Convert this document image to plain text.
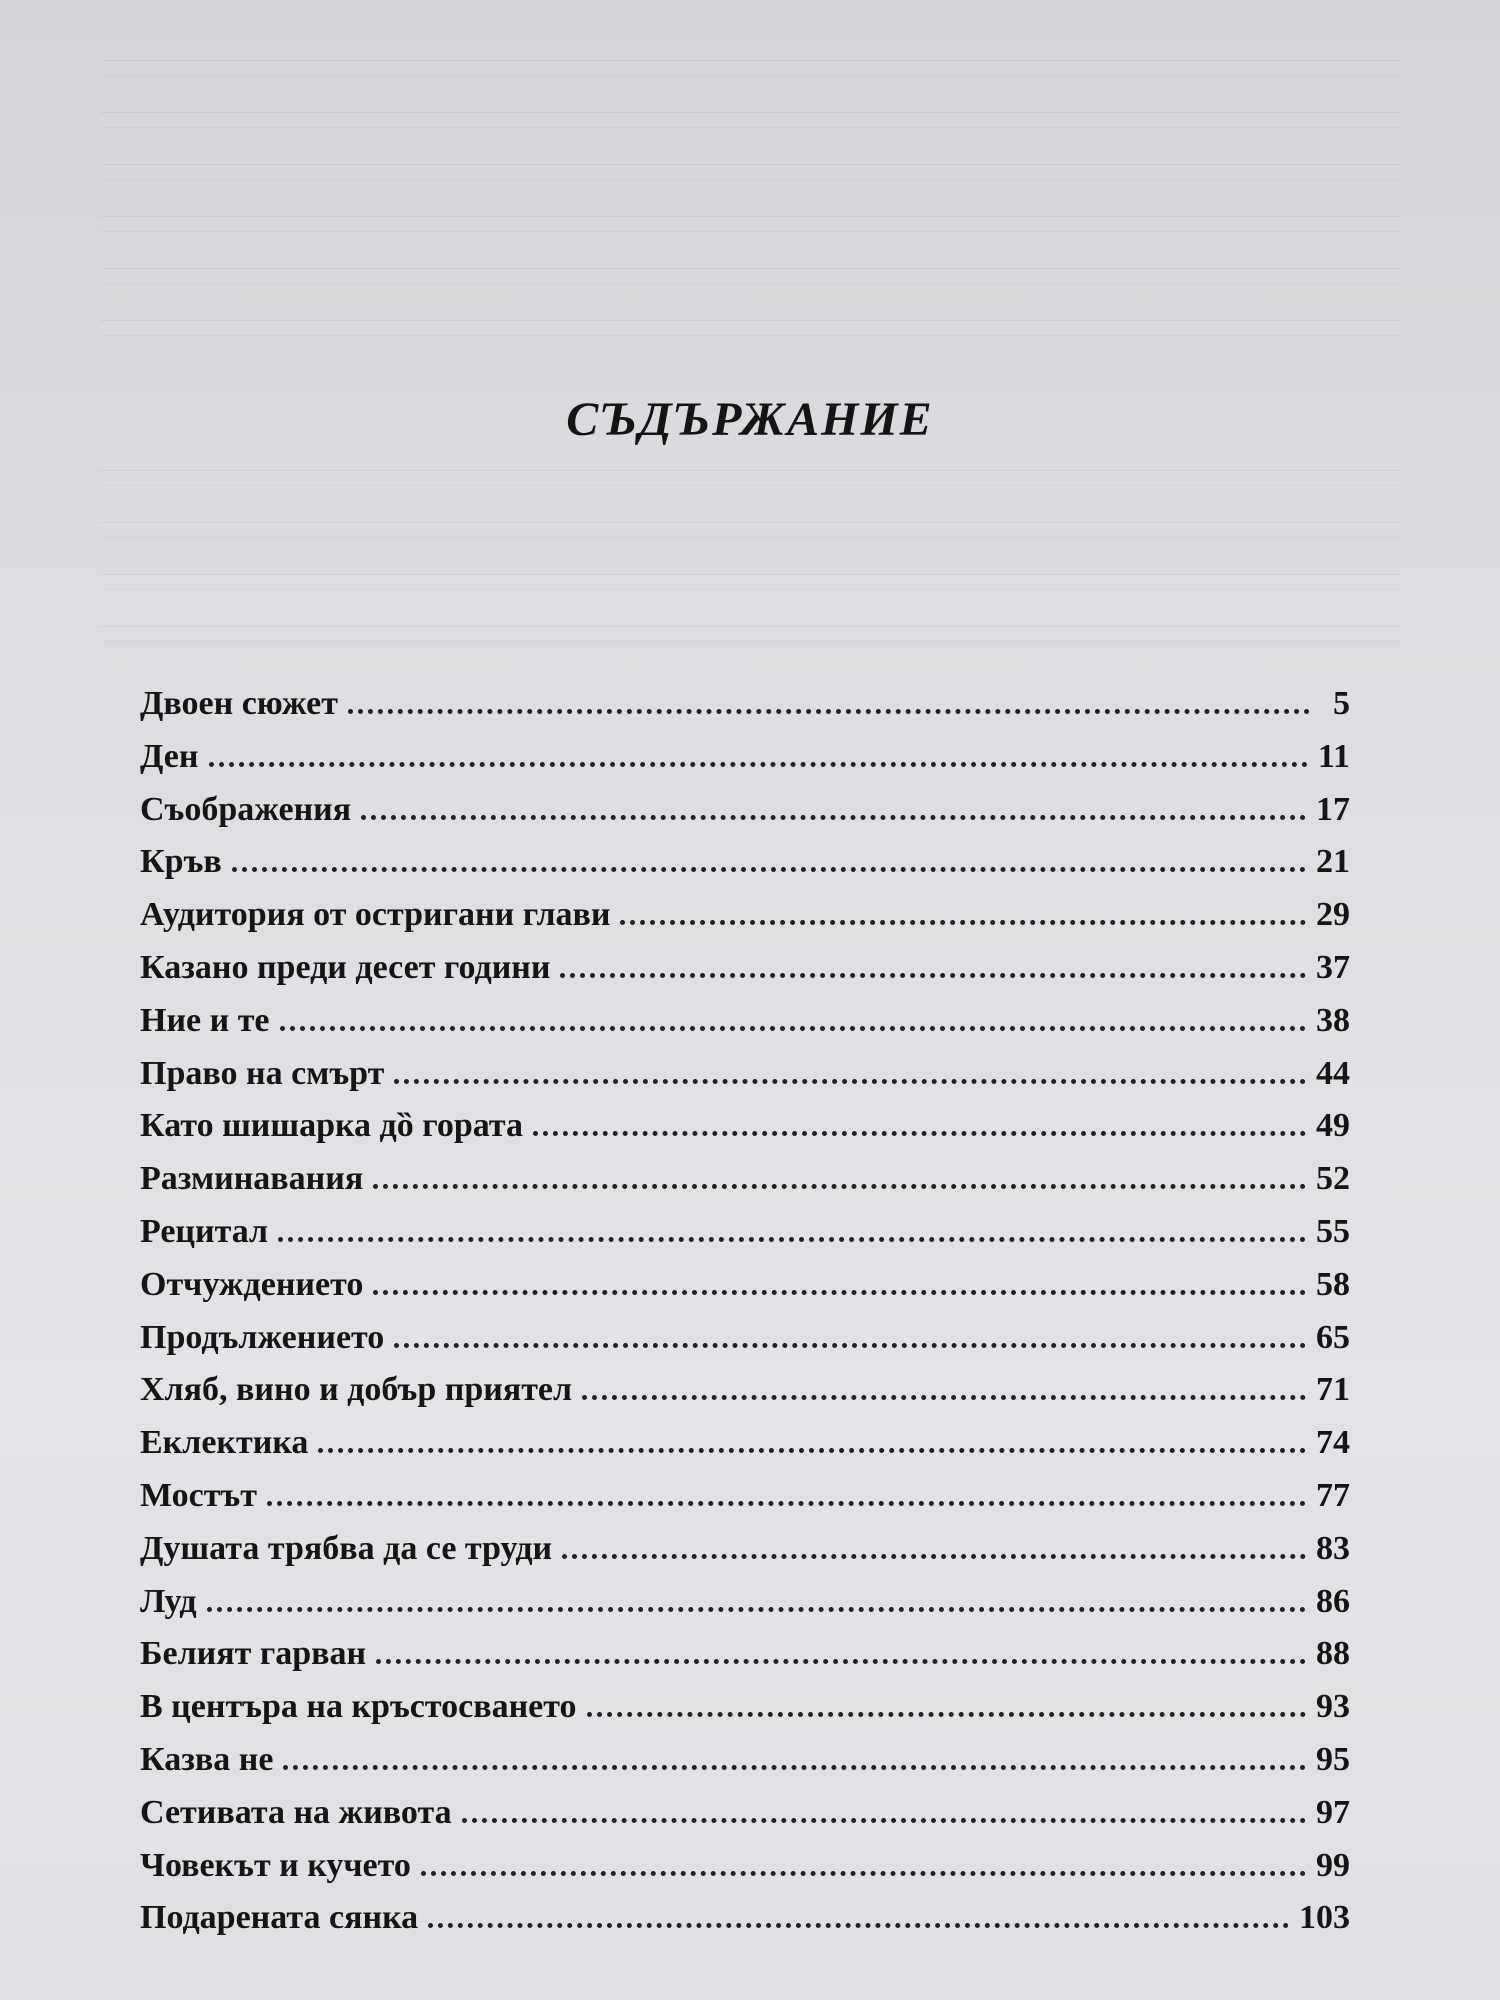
СЪДЪРЖАНИЕ
Двоен сюжет	5
Ден	11
Съображения	17
Кръв	21
Аудитория от остригани глави	29
Казано преди десет години	37
Ние и те	38
Право на смърт	44
Като шишарка дȍ гората	49
Разминавания	52
Рецитал	55
Отчуждението	58
Продължението	65
Хляб, вино и добър приятел	71
Еклектика	74
Мостът	77
Душата трябва да се труди	83
Луд	86
Белият гарван	88
В центъра на кръстосването	93
Казва не	95
Сетивата на живота	97
Човекът и кучето	99
Подарената сянка	103
